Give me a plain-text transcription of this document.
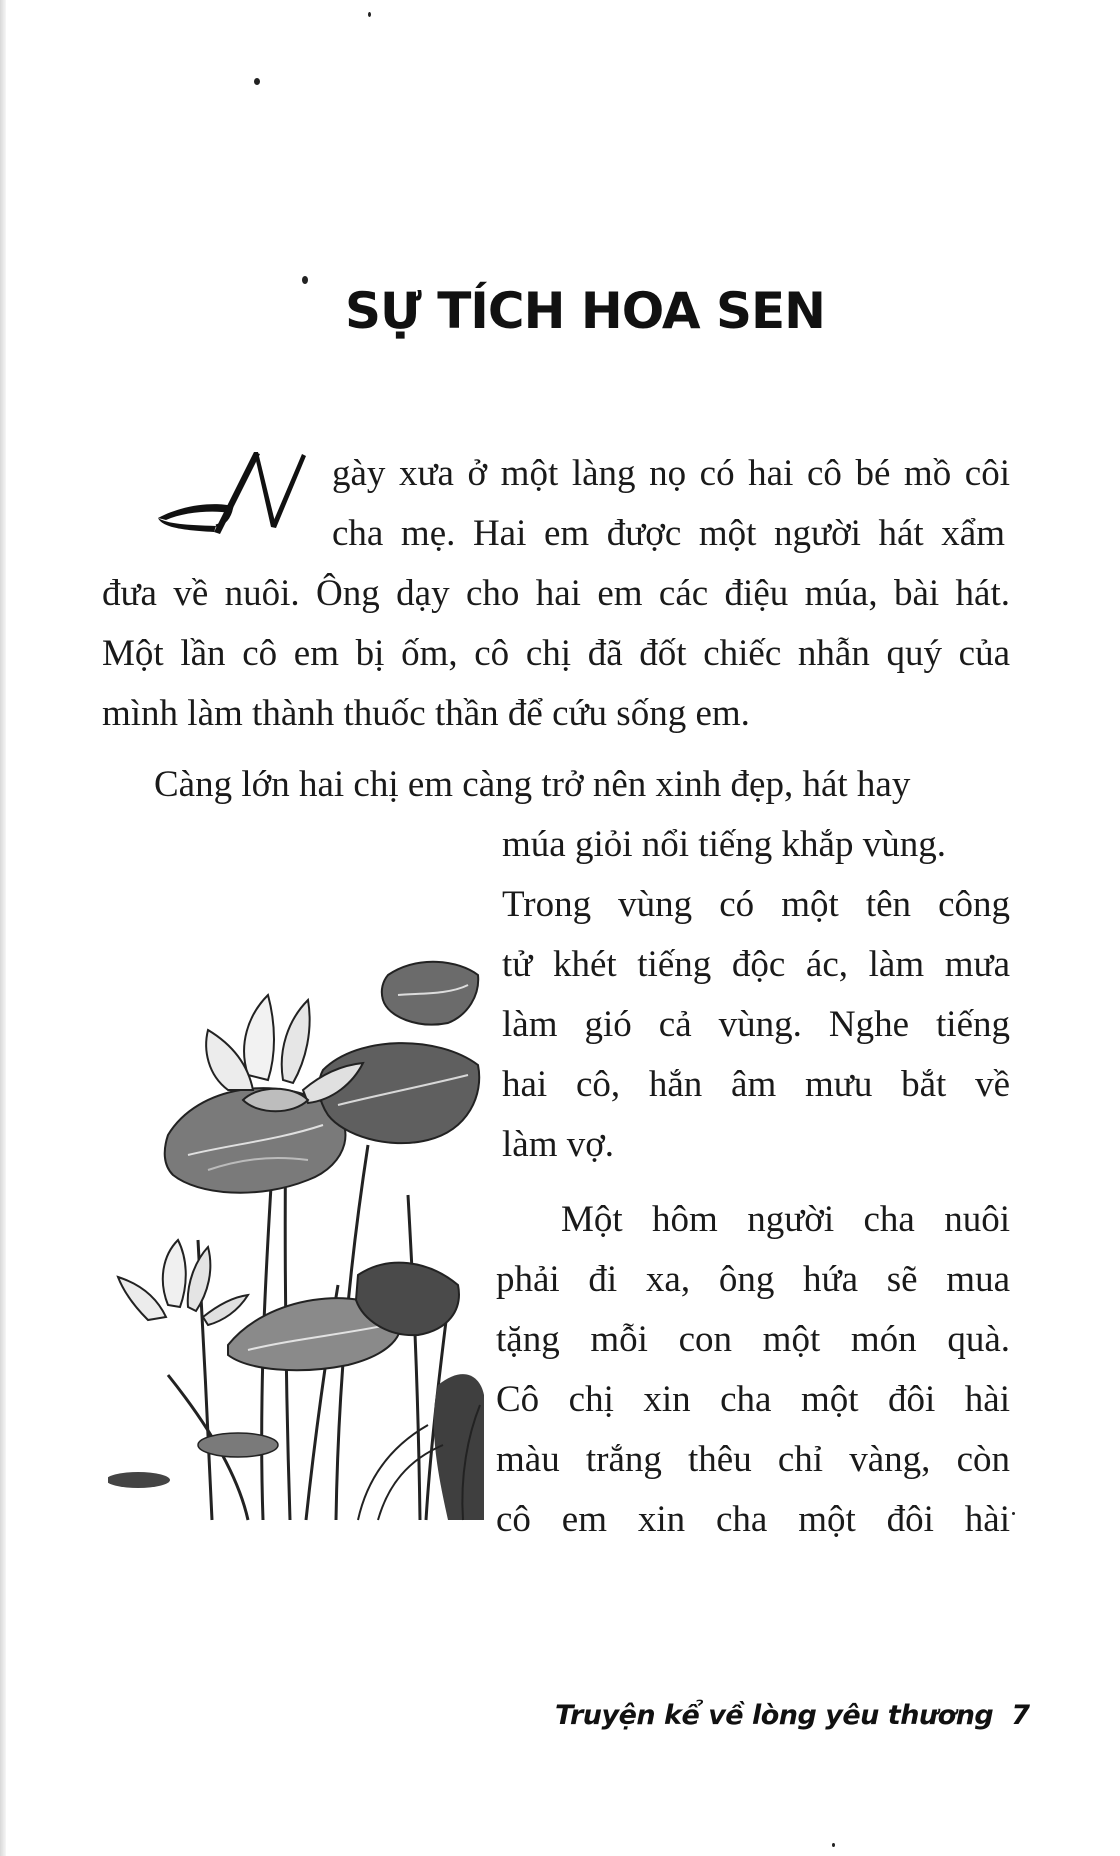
SỰ TÍCH HOA SEN
gày xưa ở một làng nọ có hai cô bé mồ côi
cha mẹ. Hai em được một người hát xẩm
đưa về nuôi. Ông dạy cho hai em các điệu múa, bài hát.
Một lần cô em bị ốm, cô chị đã đốt chiếc nhẫn quý của
mình làm thành thuốc thần để cứu sống em.
Càng lớn hai chị em càng trở nên xinh đẹp, hát hay
múa giỏi nổi tiếng khắp vùng.
Trong vùng có một tên công
tử khét tiếng độc ác, làm mưa
làm gió cả vùng. Nghe tiếng
hai cô, hắn âm mưu bắt về
làm vợ.
Một hôm người cha nuôi
phải đi xa, ông hứa sẽ mua
tặng mỗi con một món quà.
Cô chị xin cha một đôi hài
màu trắng thêu chỉ vàng, còn
cô em xin cha một đôi hài
Truyện kể về lòng yêu thương 7
